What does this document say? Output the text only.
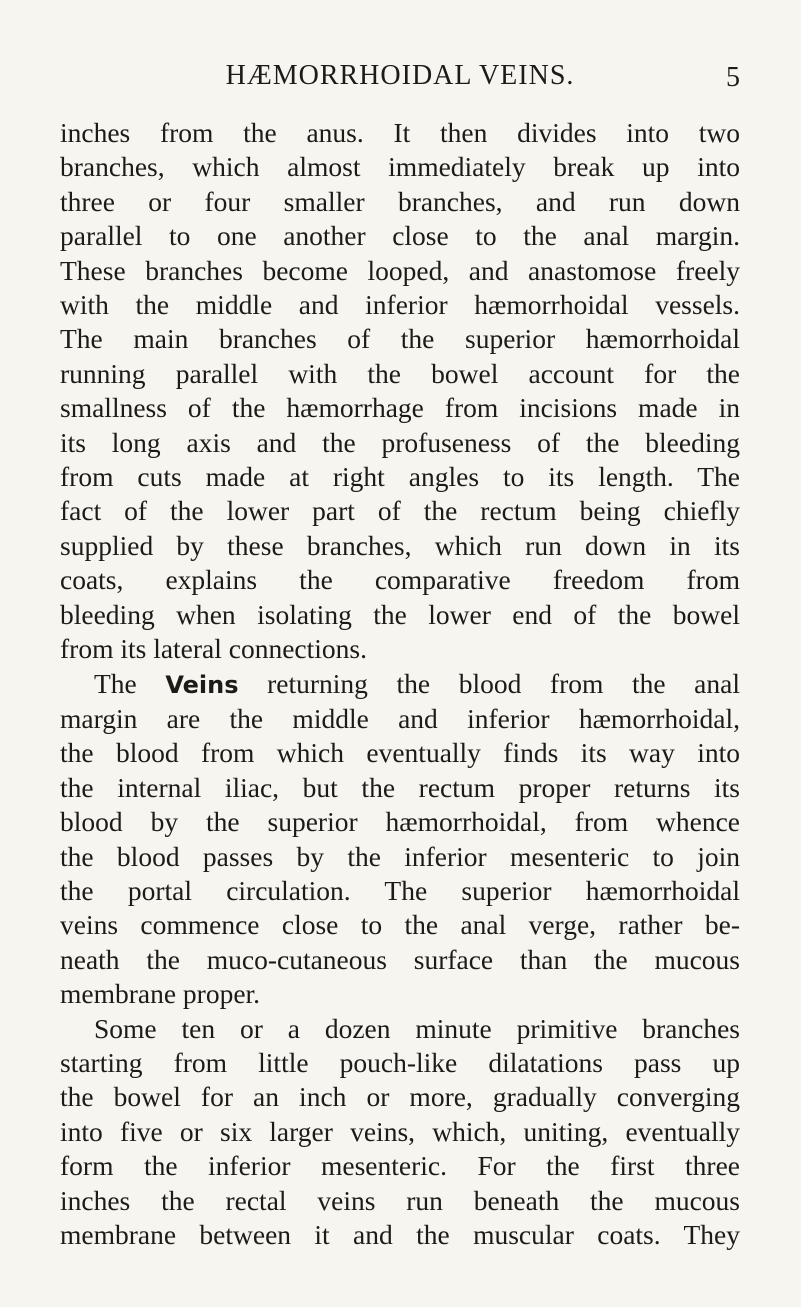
HÆMORRHOIDAL VEINS.	5
inches from the anus. It then divides into two
branches, which almost immediately break up into
three or four smaller branches, and run down
parallel to one another close to the anal margin.
These branches become looped, and anastomose freely
with the middle and inferior hæmorrhoidal vessels.
The main branches of the superior hæmorrhoidal
running parallel with the bowel account for the
smallness of the hæmorrhage from incisions made in
its long axis and the profuseness of the bleeding
from cuts made at right angles to its length. The
fact of the lower part of the rectum being chiefly
supplied by these branches, which run down in its
coats, explains the comparative freedom from
bleeding when isolating the lower end of the bowel
from its lateral connections.
The Veins returning the blood from the anal
margin are the middle and inferior hæmorrhoidal,
the blood from which eventually finds its way into
the internal iliac, but the rectum proper returns its
blood by the superior hæmorrhoidal, from whence
the blood passes by the inferior mesenteric to join
the portal circulation. The superior hæmorrhoidal
veins commence close to the anal verge, rather be-
neath the muco-cutaneous surface than the mucous
membrane proper.
Some ten or a dozen minute primitive branches
starting from little pouch-like dilatations pass up
the bowel for an inch or more, gradually converging
into five or six larger veins, which, uniting, eventually
form the inferior mesenteric. For the first three
inches the rectal veins run beneath the mucous
membrane between it and the muscular coats. They
